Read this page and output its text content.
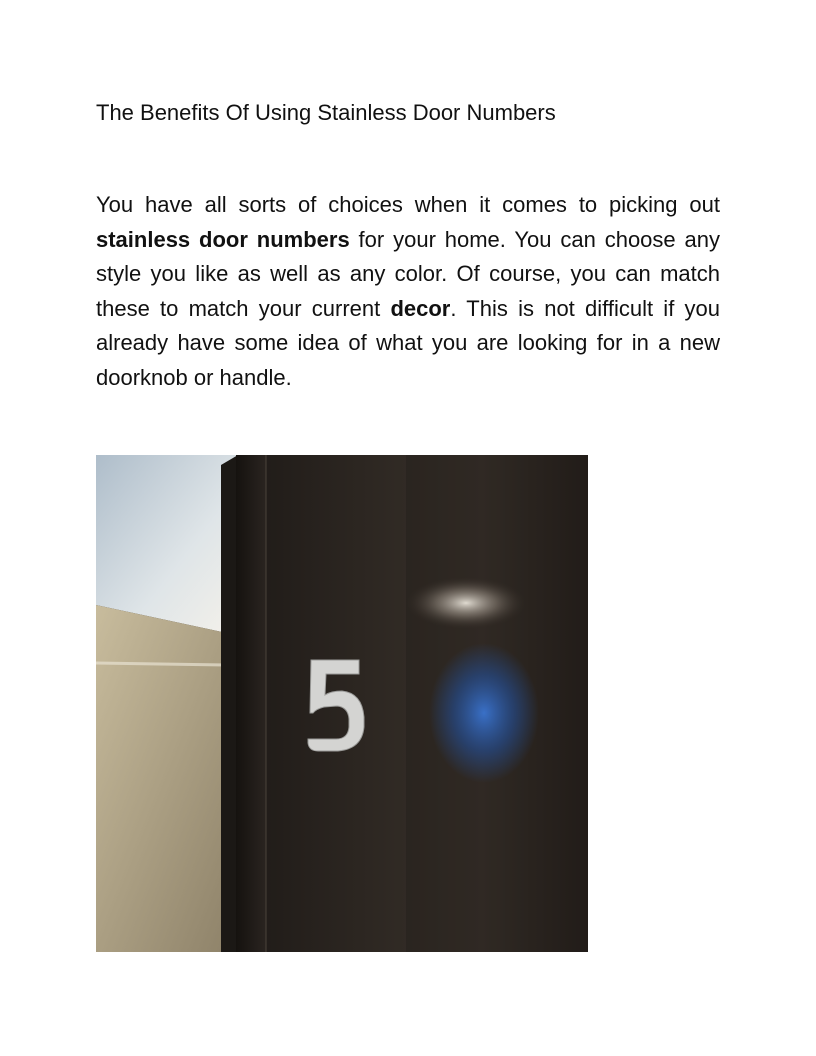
The Benefits Of Using Stainless Door Numbers

You have all sorts of choices when it comes to picking out stainless door numbers for your home. You can choose any style you like as well as any color. Of course, you can match these to match your current decor. This is not difficult if you already have some idea of what you are looking for in a new doorknob or handle.
